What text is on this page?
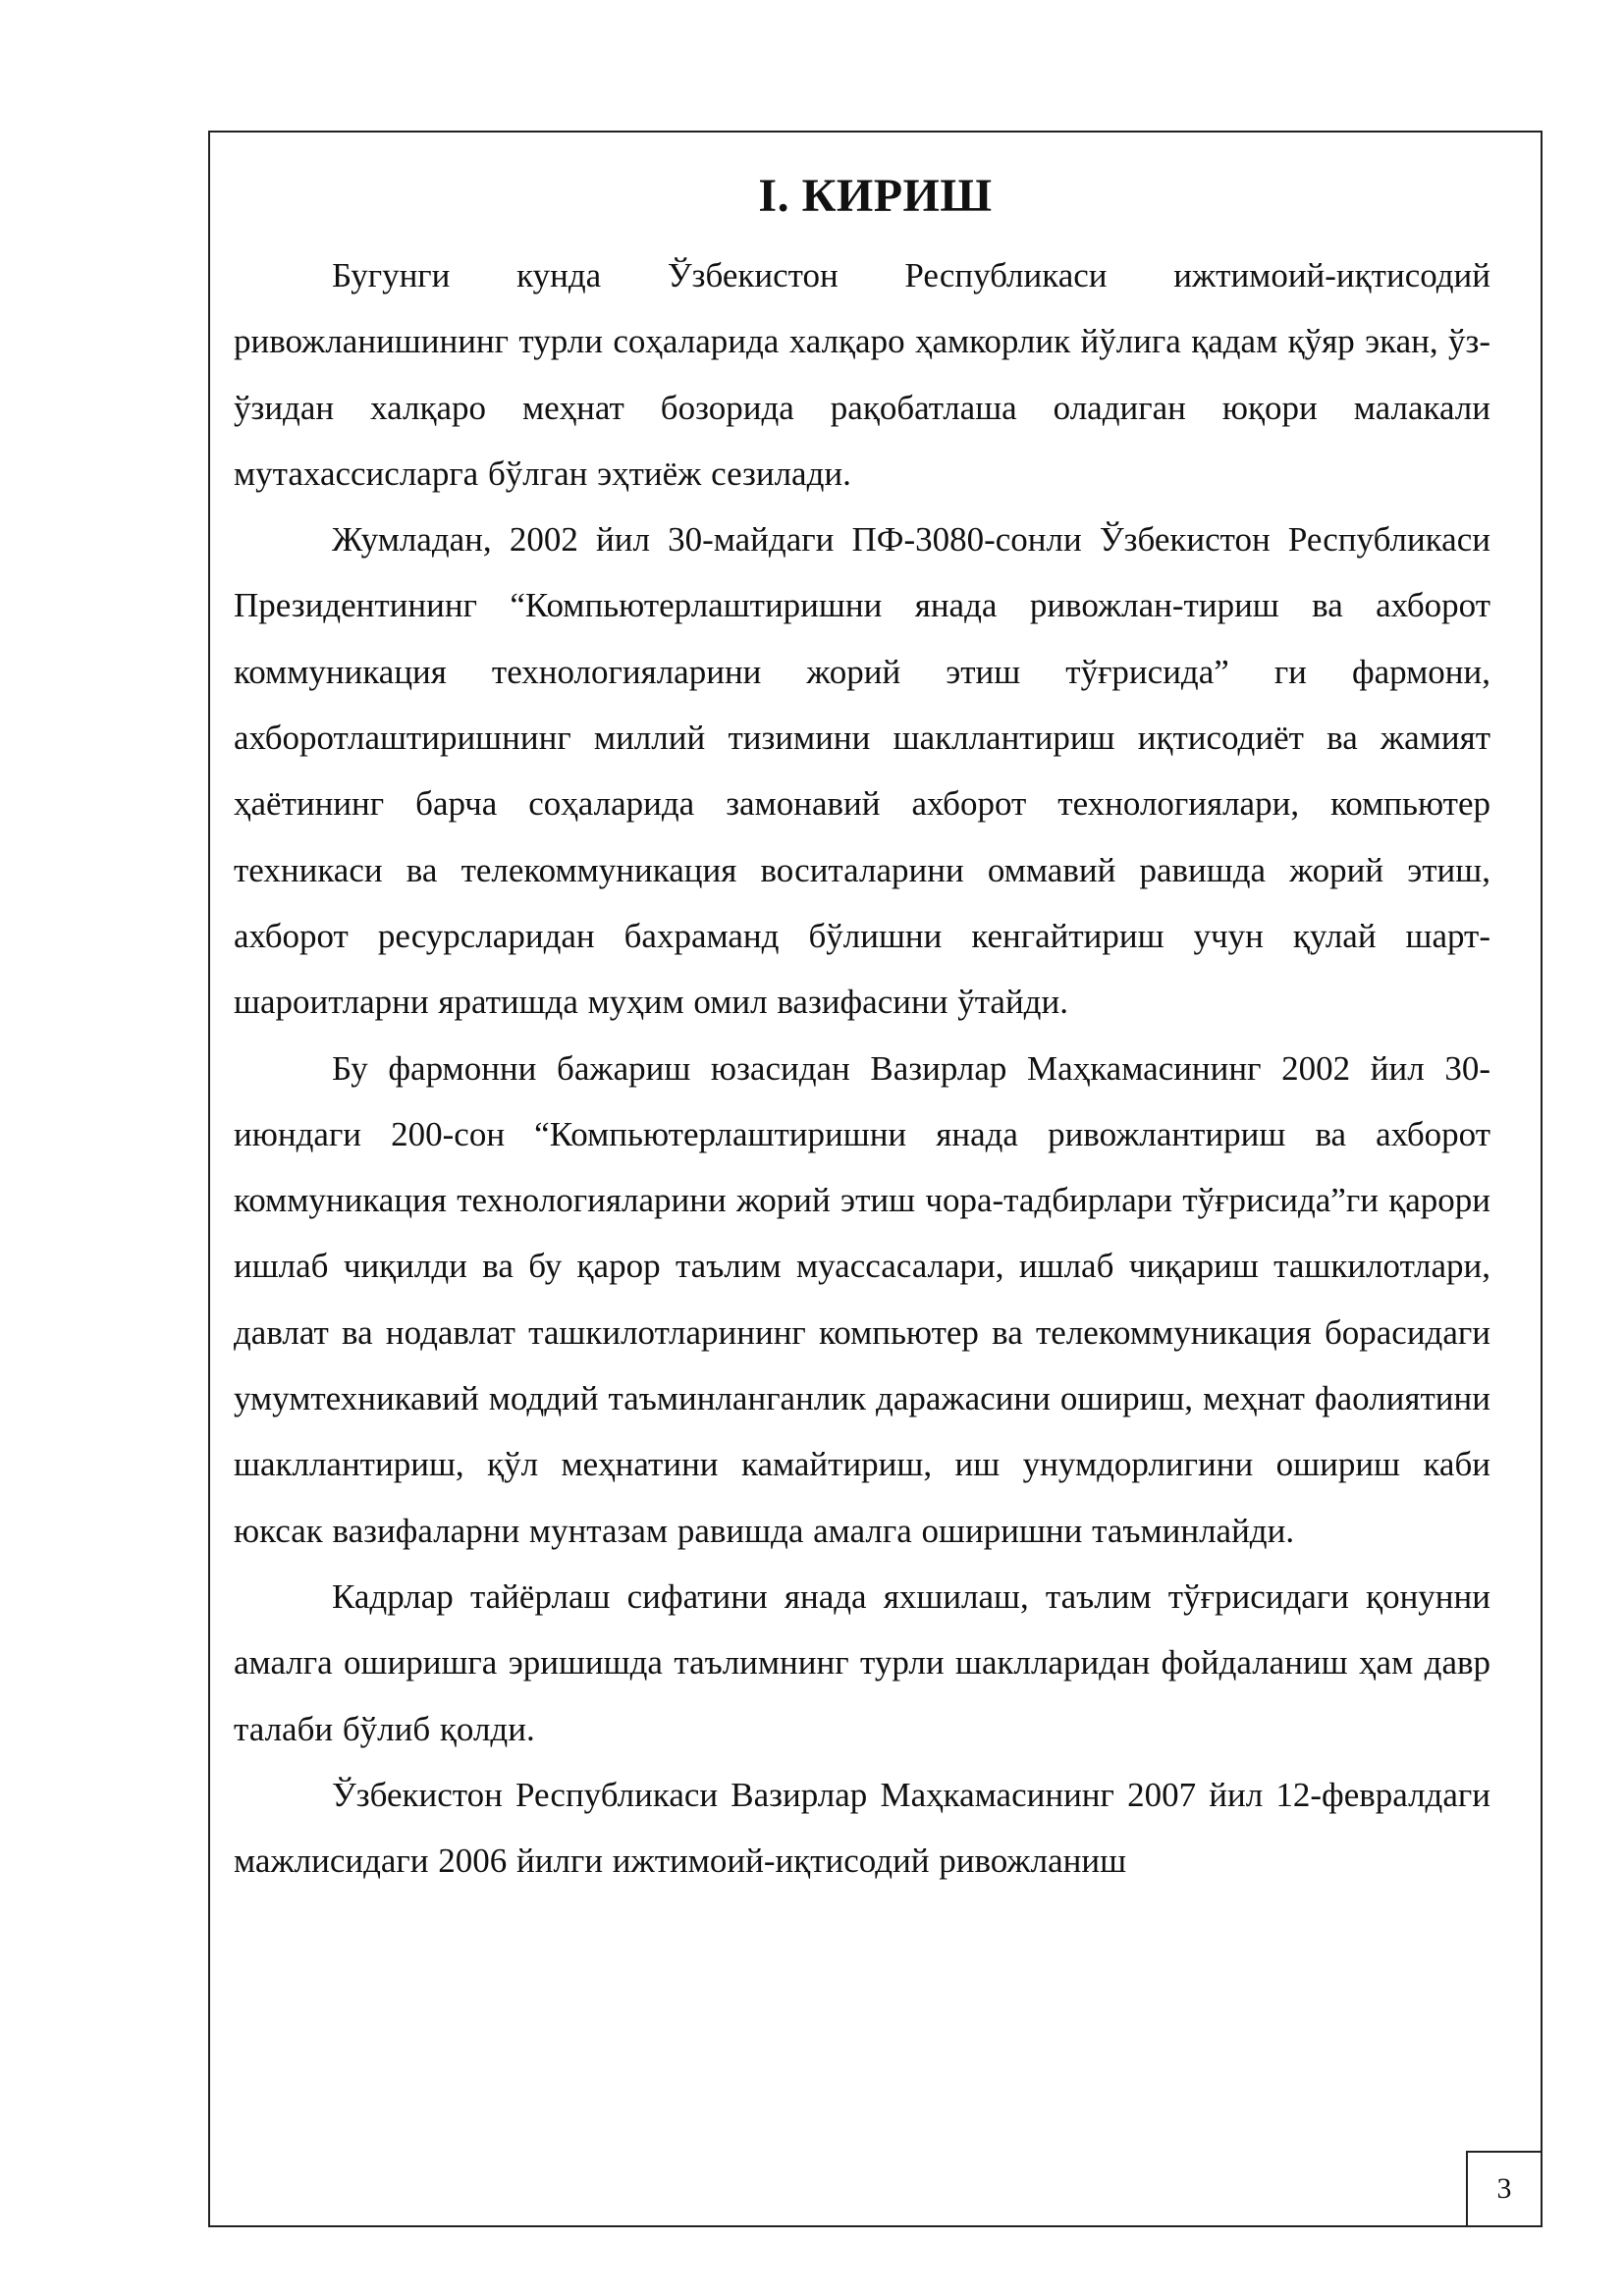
I. КИРИШ

Бугунги кунда Ўзбекистон Республикаси ижтимоий-иқтисодий ривожланишининг турли соҳаларида халқаро ҳамкорлик йўлига қадам қўяр экан, ўз-ўзидан халқаро меҳнат бозорида рақобатлаша оладиган юқори малакали мутахассисларга бўлган эҳтиёж сезилади.

Жумладан, 2002 йил 30-майдаги ПФ-3080-сонли Ўзбекистон Республикаси Президентининг “Компьютерлаштиришни янада ривожлан-тириш ва ахборот коммуникация технологияларини жорий этиш тўғрисида” ги фармони, ахборотлаштиришнинг миллий тизимини шакллантириш иқтисодиёт ва жамият ҳаётининг барча соҳаларида замонавий ахборот технологиялари, компьютер техникаси ва телекоммуникация воситаларини оммавий равишда жорий этиш, ахборот ресурсларидан бахраманд бўлишни кенгайтириш учун қулай шарт-шароитларни яратишда муҳим омил вазифасини ўтайди.

Бу фармонни бажариш юзасидан Вазирлар Маҳкамасининг 2002 йил 30-июндаги 200-сон “Компьютерлаштиришни янада ривожлантириш ва ахборот коммуникация технологияларини жорий этиш чора-тадбирлари тўғрисида”ги қарори ишлаб чиқилди ва бу қарор таълим муассасалари, ишлаб чиқариш ташкилотлари, давлат ва нодавлат ташкилотларининг компьютер ва телекоммуникация борасидаги умумтехникавий моддий таъминланганлик даражасини ошириш, меҳнат фаолиятини шакллантириш, қўл меҳнатини камайтириш, иш унумдорлигини ошириш каби юксак вазифаларни мунтазам равишда амалга оширишни таъминлайди.

Кадрлар тайёрлаш сифатини янада яхшилаш, таълим тўғрисидаги қонунни амалга оширишга эришишда таълимнинг турли шаклларидан фойдаланиш ҳам давр талаби бўлиб қолди.

Ўзбекистон Республикаси Вазирлар Маҳкамасининг 2007 йил 12-февралдаги мажлисидаги 2006 йилги ижтимоий-иқтисодий ривожланиш

3
